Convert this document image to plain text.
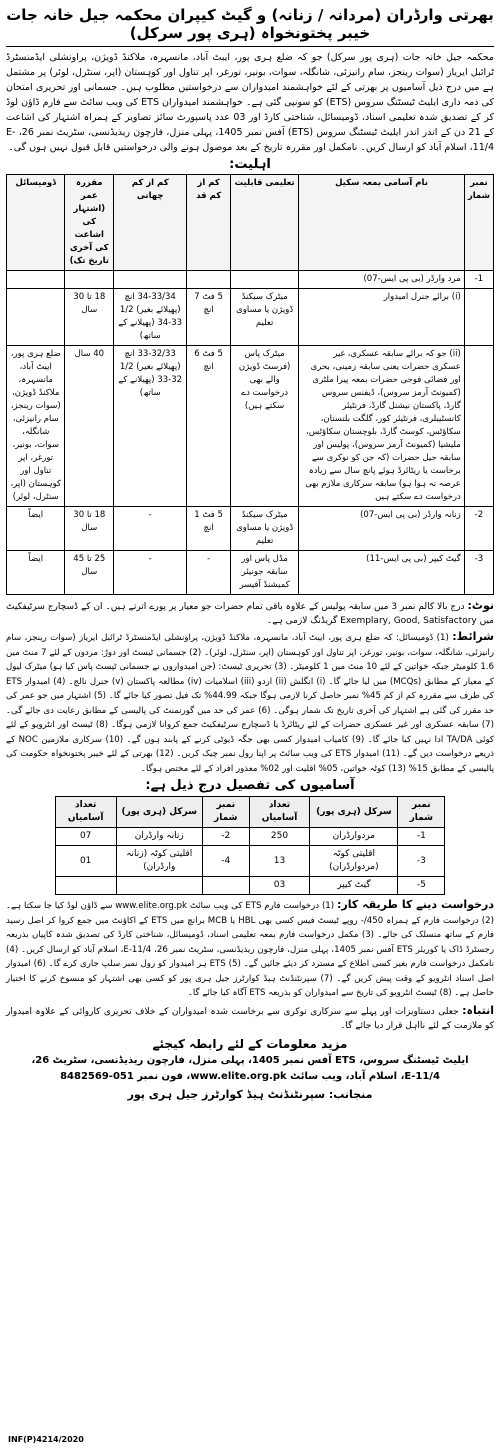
بھرتی وارڈران (مردانہ / زنانہ) و گیٹ کیپران محکمہ جیل خانہ جات خیبر پختونخواہ (ہری پور سرکل)

محکمہ جیل خانہ جات (ہری پور سرکل) جو کہ ضلع ہری پور، ایبٹ آباد، مانسہرہ، ملاکنڈ ڈویژن، پراونشلی ایڈمنسٹرڈ ٹرائبل ایریاز (سوات رینجز، سام رانیزئی، شانگلہ، سوات، بونیر، تورغر، اپر تناول اور کوہستان (اپر، سنٹرل، لوئر) پر مشتمل ہے میں درج ذیل آسامیوں پر بھرتی کے لئے خواہشمند امیدواران سے درخواستیں مطلوب ہیں۔ جسمانی اور تحریری امتحان کی ذمہ داری ایلیٹ ٹیسٹنگ سروس (ETS) کو سونپی گئی ہے۔ خواہشمند امیدواران ETS کی ویب سائٹ سے فارم ڈاؤن لوڈ کر کے تصدیق شدہ تعلیمی اسناد، ڈومیسائل، شناختی کارڈ اور 03 عدد پاسپورٹ سائز تصاویر کے ہمراہ اشتہار کی اشاعت کے 21 دن کے اندر اندر ایلیٹ ٹیسٹنگ سروس (ETS) آفس نمبر 1405، پہلی منزل، فارچون ریذیڈنسی، سٹریٹ نمبر 26، E-11/4، اسلام آباد کو ارسال کریں۔ نامکمل اور مقررہ تاریخ کے بعد موصول ہونے والی درخواستیں قابل قبول نہیں ہوں گی۔

اہلیت:
نمبر شمار	نام آسامی بمعہ سکیل	تعلیمی قابلیت	کم از کم قد	کم از کم چھاتی	مقررہ عمر (اشتہار کی اشاعت کی آخری تاریخ تک)	ڈومیسائل
1-	مرد وارڈر (بی پی ایس-07)					
	(i) برائے جنرل امیدوار	میٹرک سیکنڈ ڈویژن یا مساوی تعلیم	5 فٹ 7 انچ	34-33/34 انچ (پھیلائے بغیر) 1/2 33-34 (پھیلانے کے ساتھ)	18 تا 30 سال	
	(ii) جو کہ برائے سابقہ عسکری، غیر عسکری حضرات یعنی سابقہ زمینی، بحری اور فضائی فوجی حضرات بمعہ پیرا ملٹری (کمیونٹ آرمز سروس)، ڈیفنس سروس گارڈ، پاکستان نیشنل گارڈ، فرنٹیئر کانسٹیبلری، فرنٹیئر کور، گلگت بلتستان، سکاؤٹس، کوسٹ گارڈ، بلوچستان سکاؤٹس، ملیشیا (کمیونٹ آرمز سروس)، پولیس اور سابقہ جیل حضرات (کہ جن کو نوکری سے برخاست یا ریٹائرڈ ہوئے پانچ سال سے زیادہ عرصہ نہ ہوا ہو) سابقہ سرکاری ملازم بھی درخواست دے سکتے ہیں	میٹرک پاس (فرسٹ ڈویژن والے بھی درخواست دے سکتے ہیں)	5 فٹ 6 انچ	33-32/33 انچ (پھیلائے بغیر) 1/2 32-33 (پھیلانے کے ساتھ)	40 سال	ضلع ہری پور، ایبٹ آباد، مانسہرہ، ملاکنڈ ڈویژن، (سوات رینجز، سام رانیزئی، شانگلہ، سوات، بونیر، تورغر، اپر تناول اور کوہستان (اپر، سنٹرل، لوئر)
2-	زنانہ وارڈر (بی پی ایس-07)	میٹرک سیکنڈ ڈویژن یا مساوی تعلیم	5 فٹ 1 انچ	-	18 تا 30 سال	ایضاً
3-	گیٹ کیپر (بی پی ایس-11)	مڈل پاس اور سابقہ جونیئر کمیشنڈ آفیسر	-	-	25 تا 45 سال	ایضاً

نوٹ: درج بالا کالم نمبر 3 میں سابقہ پولیس کے علاوہ باقی تمام حضرات جو معیار پر پورے اترتے ہیں۔ ان کے ڈسچارج سرٹیفکیٹ میں Exemplary, Good, Satisfactory گریڈنگ لازمی ہے۔

شرائط: (1) ڈومیسائل: کہ ضلع ہری پور، ایبٹ آباد، مانسہرہ، ملاکنڈ ڈویژن، پراونشلی ایڈمنسٹرڈ ٹرائبل ایریاز (سوات رینجز، سام رانیزئی، شانگلہ، سوات، بونیر، تورغر، اپر تناول اور کوہستان (اپر، سنٹرل، لوئر)۔ (2) جسمانی ٹیسٹ اور دوڑ: مردوں کے لئے 7 منٹ میں 1.6 کلومیٹر جبکہ خواتین کے لئے 10 منٹ میں 1 کلومیٹر۔ (3) تحریری ٹیسٹ: (جن امیدواروں نے جسمانی ٹیسٹ پاس کیا ہو) میٹرک لیول کے معیار کے مطابق (MCQs) میں لیا جائے گا۔ (i) انگلش (ii) اردو (iii) اسلامیات (iv) مطالعہ پاکستان (v) جنرل نالج۔ (4) امیدوار ETS کی طرف سے مقررہ کم از کم 45% نمبر حاصل کرنا لازمی ہوگا جبکہ 44.99% تک فیل تصور کیا جائے گا۔ (5) اشتہار میں جو عمر کی حد مقرر کی گئی ہے اشتہار کی آخری تاریخ تک شمار ہوگی۔ (6) عمر کی حد میں گورنمنٹ کی پالیسی کے مطابق رعایت دی جائے گی۔ (7) سابقہ عسکری اور غیر عسکری حضرات کے لئے ریٹائرڈ یا ڈسچارج سرٹیفکیٹ جمع کروانا لازمی ہوگا۔ (8) ٹیسٹ اور انٹرویو کے لئے کوئی TA/DA ادا نہیں کیا جائے گا۔ (9) کامیاب امیدوار کسی بھی جگہ ڈیوٹی کرنے کے پابند ہوں گے۔ (10) سرکاری ملازمین NOC کے ذریعے درخواست دیں گے۔ (11) امیدوار ETS کی ویب سائٹ پر اپنا رول نمبر چیک کریں۔ (12) بھرتی کے لئے خیبر پختونخواہ حکومت کی پالیسی کے مطابق 15% (13) کوٹہ خواتین، 05% اقلیت اور 02% معذور افراد کے لئے مختص ہوگا۔

آسامیوں کی تفصیل درج ذیل ہے:
نمبر شمار	سرکل (ہری پور)	تعداد آسامیاں	نمبر شمار	سرکل (ہری پور)	تعداد آسامیاں
1-	مردوارڈران	250	2-	زنانہ وارڈران	07
3-	اقلیتی کوٹہ (مردوارڈران)	13	4-	اقلیتی کوٹہ (زنانہ وارڈران)	01
5-	گیٹ کیپر	03			

درخواست دینے کا طریقہ کار: (1) درخواست فارم ETS کی ویب سائٹ www.elite.org.pk سے ڈاؤن لوڈ کیا جا سکتا ہے۔ (2) درخواست فارم کے ہمراہ 450/- روپے ٹیسٹ فیس کسی بھی HBL یا MCB برانچ میں ETS کے اکاؤنٹ میں جمع کروا کر اصل رسید فارم کے ساتھ منسلک کی جائے۔ (3) مکمل درخواست فارم بمعہ تعلیمی اسناد، ڈومیسائل، شناختی کارڈ کی تصدیق شدہ کاپیاں بذریعہ رجسٹرڈ ڈاک یا کوریئر ETS آفس نمبر 1405، پہلی منزل، فارچون ریذیڈنسی، سٹریٹ نمبر 26، E-11/4، اسلام آباد کو ارسال کریں۔ (4) نامکمل درخواست فارم بغیر کسی اطلاع کے مسترد کر دیئے جائیں گے۔ (5) ETS ہر امیدوار کو رول نمبر سلپ جاری کرے گا۔ (6) امیدوار اصل اسناد انٹرویو کے وقت پیش کریں گے۔ (7) سپرنٹنڈنٹ ہیڈ کوارٹرز جیل ہری پور کو کسی بھی اشتہار کو منسوخ کرنے کا اختیار حاصل ہے۔ (8) ٹیسٹ انٹرویو کی تاریخ سے امیدواران کو بذریعہ ETS آگاہ کیا جائے گا۔

انتباہ: جعلی دستاویزات اور پہلے سے سرکاری نوکری سے برخاست شدہ امیدواران کے خلاف تحریری کاروائی کے علاوہ امیدوار کو ملازمت کے لئے نااہل قرار دیا جائے گا۔

مزید معلومات کے لئے رابطہ کیجئے
ایلیٹ ٹیسٹنگ سروس، ETS آفس نمبر 1405، پہلی منزل، فارچون ریذیڈنسی، سٹریٹ 26،
E-11/4، اسلام آباد، ویب سائٹ www.elite.org.pk، فون نمبر 051-8482569
منجانب: سپرنٹنڈنٹ ہیڈ کوارٹرز جیل ہری پور
INF(P)4214/2020
